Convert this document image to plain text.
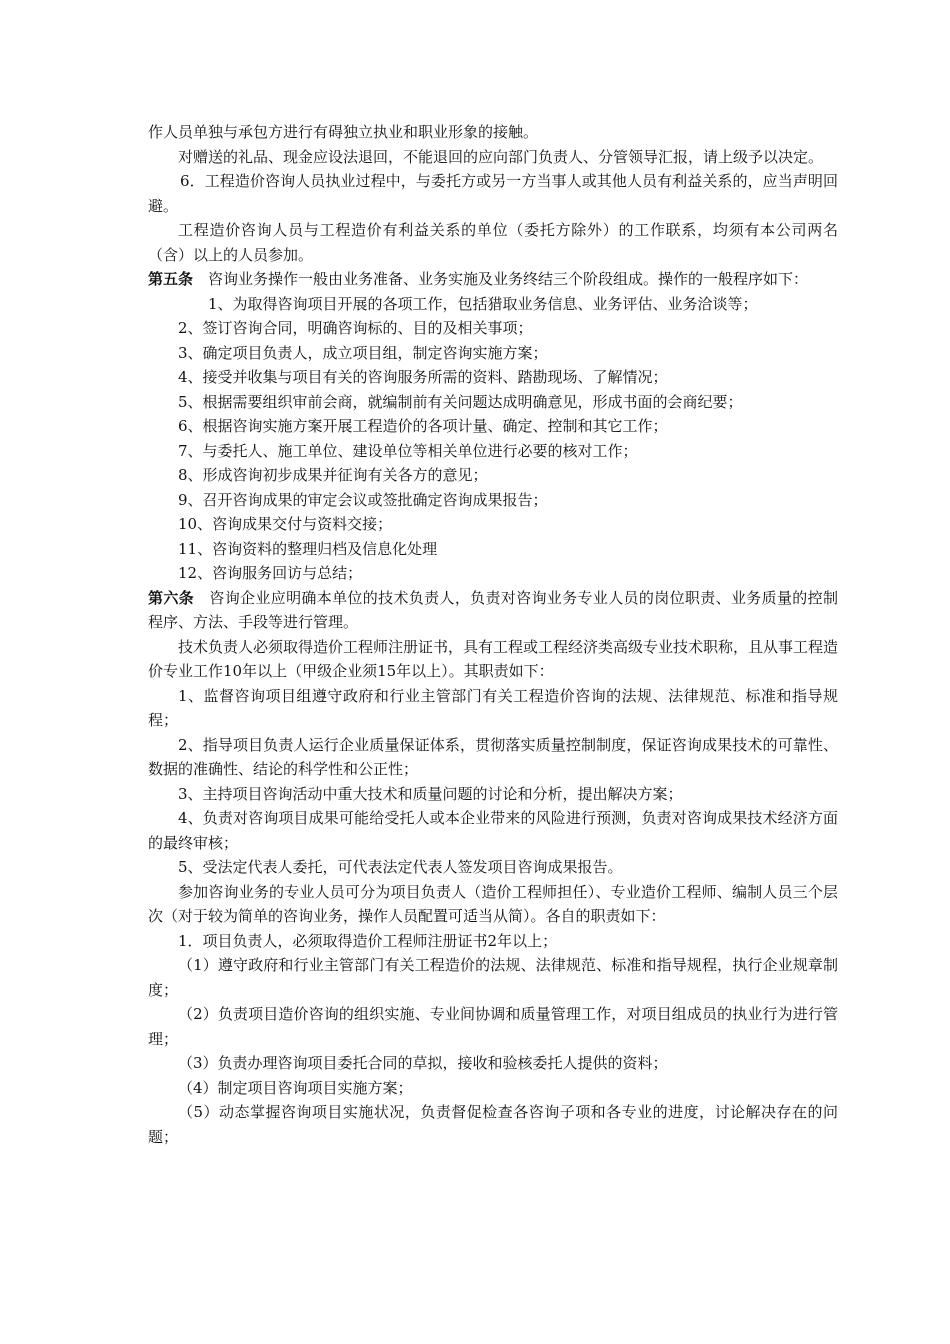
作人员单独与承包方进行有碍独立执业和职业形象的接触。

对赠送的礼品、现金应设法退回，不能退回的应向部门负责人、分管领导汇报，请上级予以决定。

6．工程造价咨询人员执业过程中，与委托方或另一方当事人或其他人员有利益关系的，应当声明回避。

工程造价咨询人员与工程造价有利益关系的单位（委托方除外）的工作联系，均须有本公司两名（含）以上的人员参加。

第五条　咨询业务操作一般由业务准备、业务实施及业务终结三个阶段组成。操作的一般程序如下：

1、为取得咨询项目开展的各项工作，包括猎取业务信息、业务评估、业务洽谈等；

2、签订咨询合同，明确咨询标的、目的及相关事项；

3、确定项目负责人，成立项目组，制定咨询实施方案；

4、接受并收集与项目有关的咨询服务所需的资料、踏勘现场、了解情况；

5、根据需要组织审前会商，就编制前有关问题达成明确意见，形成书面的会商纪要；

6、根据咨询实施方案开展工程造价的各项计量、确定、控制和其它工作；

7、与委托人、施工单位、建设单位等相关单位进行必要的核对工作；

8、形成咨询初步成果并征询有关各方的意见；

9、召开咨询成果的审定会议或签批确定咨询成果报告；

10、咨询成果交付与资料交接；

11、咨询资料的整理归档及信息化处理

12、咨询服务回访与总结；

第六条　咨询企业应明确本单位的技术负责人，负责对咨询业务专业人员的岗位职责、业务质量的控制程序、方法、手段等进行管理。

技术负责人必须取得造价工程师注册证书，具有工程或工程经济类高级专业技术职称，且从事工程造价专业工作10年以上（甲级企业须15年以上）。其职责如下：

1、监督咨询项目组遵守政府和行业主管部门有关工程造价咨询的法规、法律规范、标准和指导规程；

2、指导项目负责人运行企业质量保证体系，贯彻落实质量控制制度，保证咨询成果技术的可靠性、数据的准确性、结论的科学性和公正性；

3、主持项目咨询活动中重大技术和质量问题的讨论和分析，提出解决方案；

4、负责对咨询项目成果可能给受托人或本企业带来的风险进行预测，负责对咨询成果技术经济方面的最终审核；

5、受法定代表人委托，可代表法定代表人签发项目咨询成果报告。

参加咨询业务的专业人员可分为项目负责人（造价工程师担任）、专业造价工程师、编制人员三个层次（对于较为简单的咨询业务，操作人员配置可适当从简）。各自的职责如下：

1．项目负责人，必须取得造价工程师注册证书2年以上；

（1）遵守政府和行业主管部门有关工程造价的法规、法律规范、标准和指导规程，执行企业规章制度；

（2）负责项目造价咨询的组织实施、专业间协调和质量管理工作，对项目组成员的执业行为进行管理；

（3）负责办理咨询项目委托合同的草拟，接收和验核委托人提供的资料；

（4）制定项目咨询项目实施方案；

（5）动态掌握咨询项目实施状况，负责督促检查各咨询子项和各专业的进度，讨论解决存在的问题；
